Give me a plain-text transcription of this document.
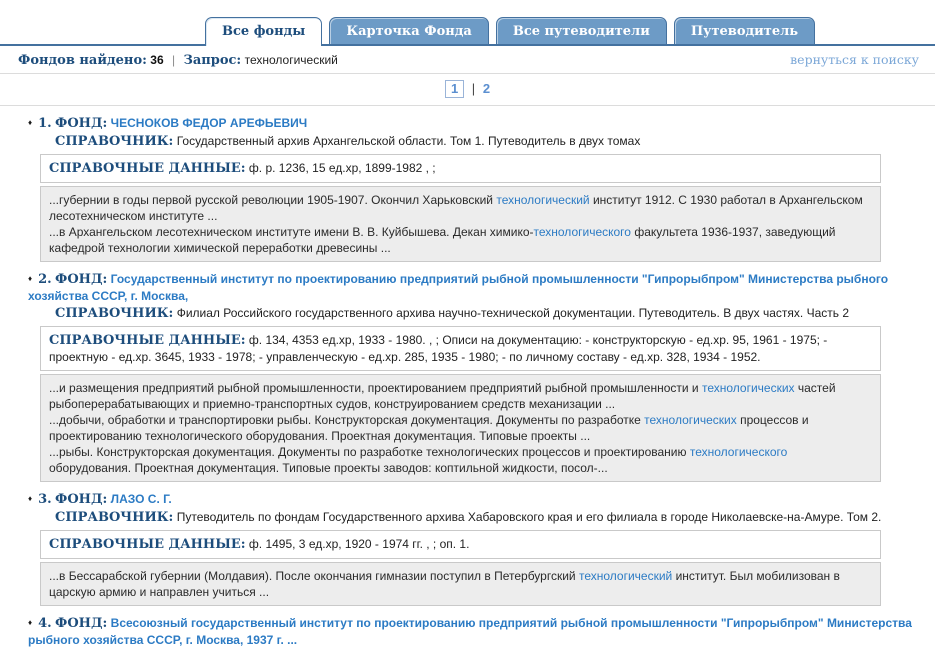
Все фонды	Карточка Фонда	Все путеводители	Путеводитель
Фондов найдено: 36 | Запрос: технологический	вернуться к поиску
1 | 2
♦ 1. ФОНД: ЧЕСНОКОВ ФЕДОР АРЕФЬЕВИЧ
СПРАВОЧНИК: Государственный архив Архангельской области. Том 1. Путеводитель в двух томах
СПРАВОЧНЫЕ ДАННЫЕ: ф. р. 1236, 15 ед.хр, 1899-1982 , ;
...губернии в годы первой русской революции 1905-1907. Окончил Харьковский технологический институт 1912. С 1930 работал в Архангельском лесотехническом институте ...
...в Архангельском лесотехническом институте имени В. В. Куйбышева. Декан химико-технологического факультета 1936-1937, заведующий кафедрой технологии химической переработки древесины ...
♦ 2. ФОНД: Государственный институт по проектированию предприятий рыбной промышленности "Гипрорыбпром" Министерства рыбного хозяйства СССР, г. Москва,
СПРАВОЧНИК: Филиал Российского государственного архива научно-технической документации. Путеводитель. В двух частях. Часть 2
СПРАВОЧНЫЕ ДАННЫЕ: ф. 134, 4353 ед.хр, 1933 - 1980. , ; Описи на документацию: - конструкторскую - ед.хр. 95, 1961 - 1975; - проектную - ед.хр. 3645, 1933 - 1978; - управленческую - ед.хр. 285, 1935 - 1980; - по личному составу - ед.хр. 328, 1934 - 1952.
...и размещения предприятий рыбной промышленности, проектированием предприятий рыбной промышленности и технологических частей рыбоперерабатывающих и приемно-транспортных судов, конструированием средств механизации ...
...добычи, обработки и транспортировки рыбы. Конструкторская документация. Документы по разработке технологических процессов и проектированию технологического оборудования. Проектная документация. Типовые проекты ...
...рыбы. Конструкторская документация. Документы по разработке технологических процессов и проектированию технологического оборудования. Проектная документация. Типовые проекты заводов: коптильной жидкости, посол-...
♦ 3. ФОНД: ЛАЗО С. Г.
СПРАВОЧНИК: Путеводитель по фондам Государственного архива Хабаровского края и его филиала в городе Николаевске-на-Амуре. Том 2.
СПРАВОЧНЫЕ ДАННЫЕ: ф. 1495, 3 ед.хр, 1920 - 1974 гг. , ; оп. 1.
...в Бессарабской губернии (Молдавия). После окончания гимназии поступил в Петербургский технологический институт. Был мобилизован в царскую армию и направлен учиться ...
♦ 4. ФОНД: Всесоюзный государственный институт по проектированию предприятий рыбной промышленности "Гипрорыбпром" Министерства рыбного хозяйства СССР, г. Москва, 1937 г. ...
